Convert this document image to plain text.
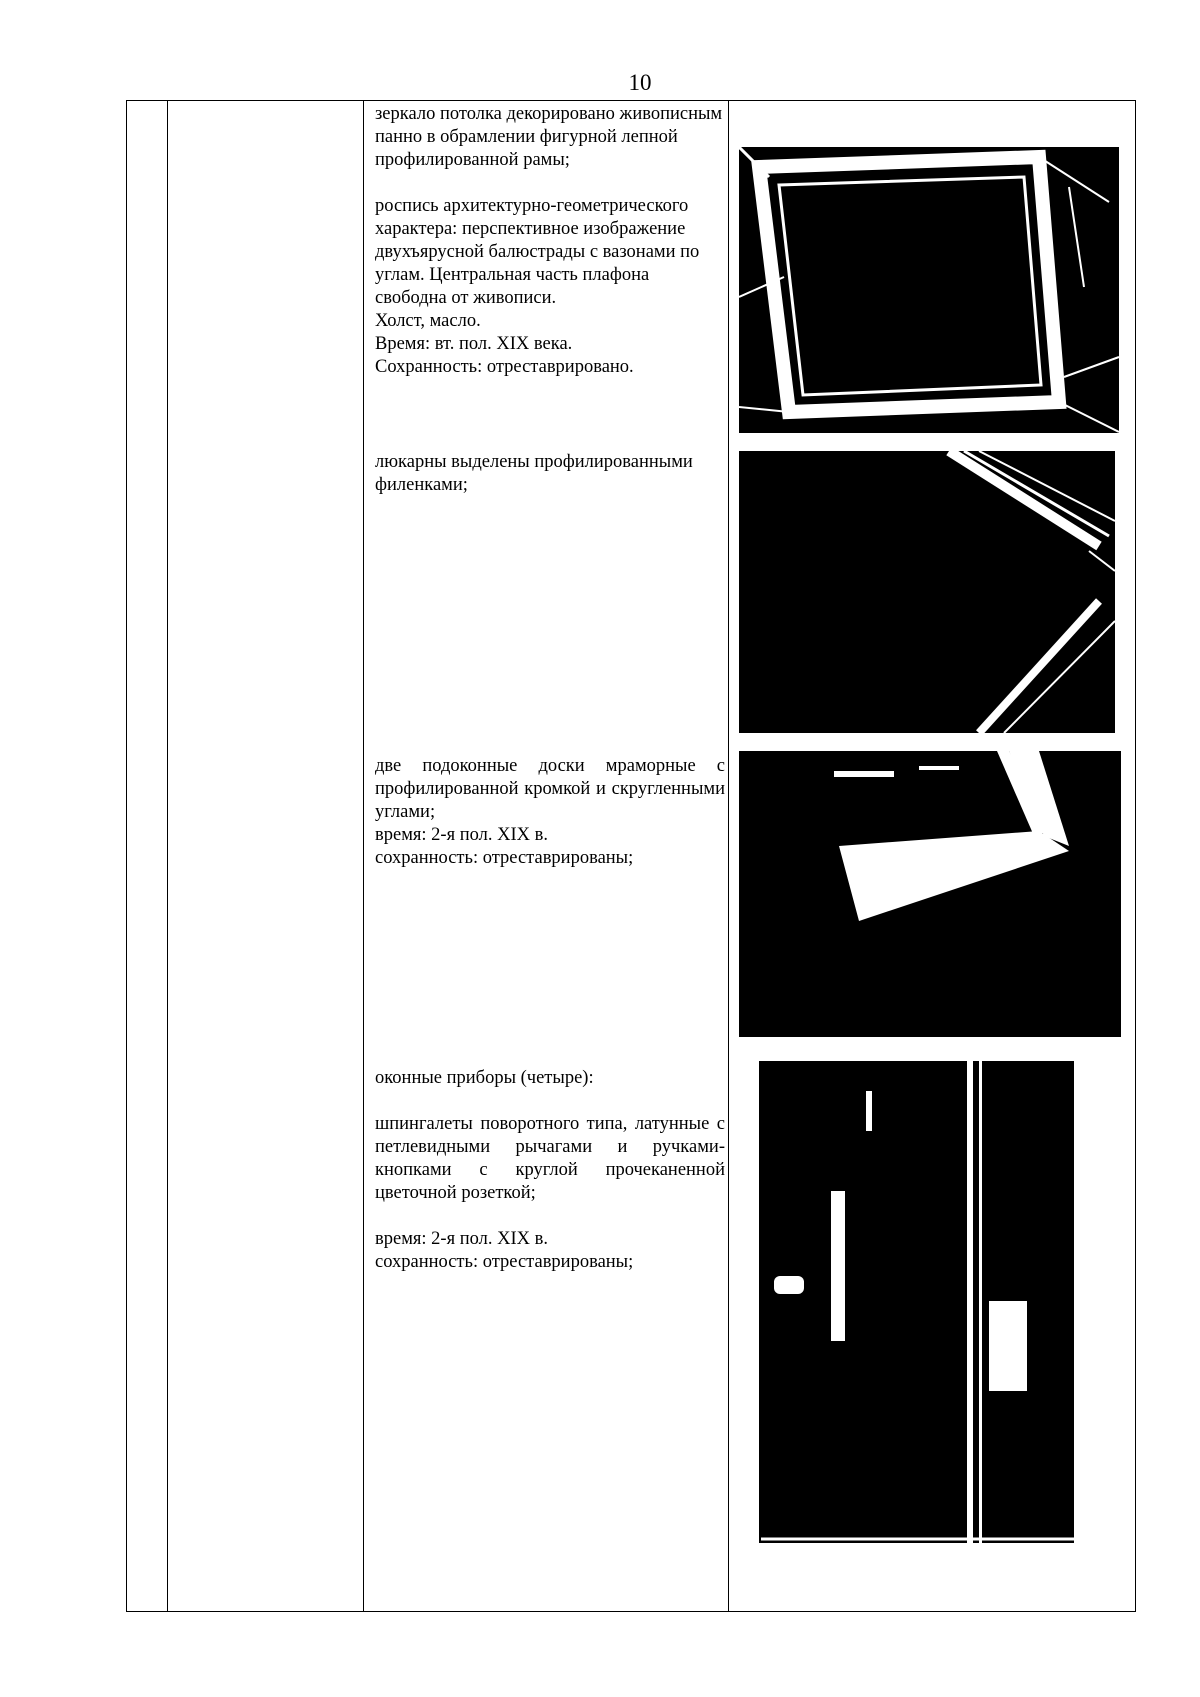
10

зеркало потолка декорировано живописным панно в обрамлении фигурной лепной профилированной рамы;

роспись архитектурно-геометрического характера: перспективное изображение двухъярусной балюстрады с вазонами по углам. Центральная часть плафона свободна от живописи.

Холст, масло.

Время: вт. пол. XIX века.

Сохранность: отреставрировано.

люкарны выделены профилированными филенками;

две подоконные доски мраморные с профилированной кромкой и скругленными углами;

время: 2-я пол. XIX в.

сохранность: отреставрированы;

оконные приборы (четыре):

шпингалеты поворотного типа, латунные с петлевидными рычагами и ручками-кнопками с круглой прочеканенной цветочной розеткой;

время: 2-я пол. XIX в.

сохранность: отреставрированы;
